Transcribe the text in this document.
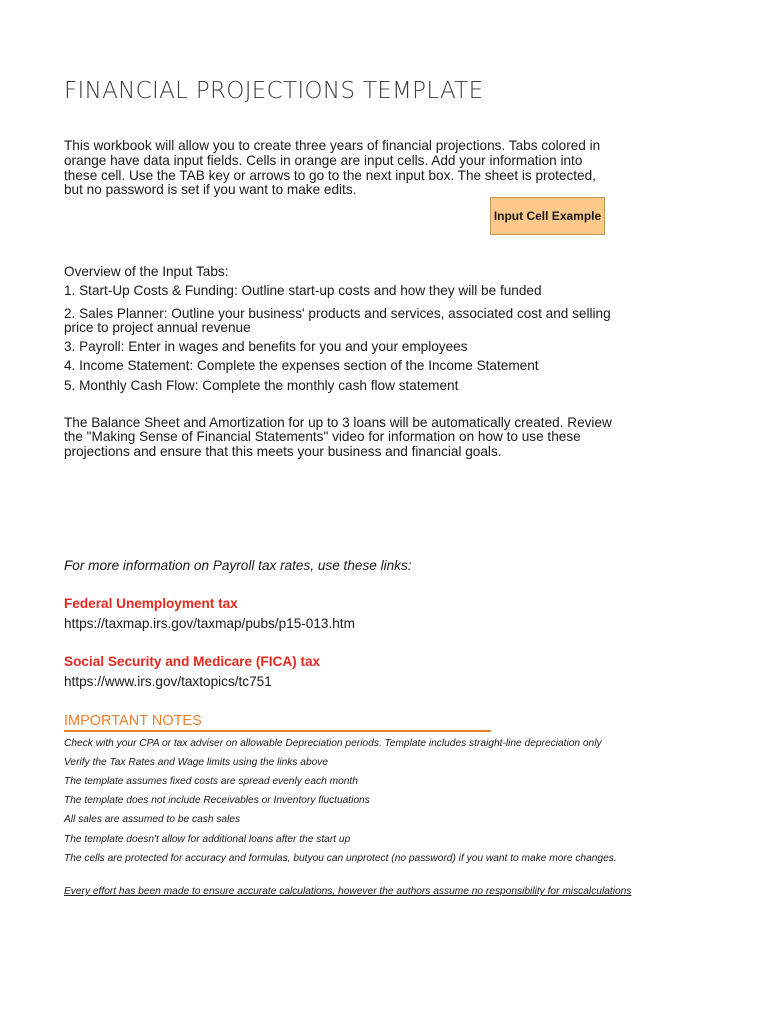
FINANCIAL PROJECTIONS TEMPLATE

This workbook will allow you to create three years of financial projections. Tabs colored in orange have data input fields. Cells in orange are input cells. Add your information into these cell. Use the TAB key or arrows to go to the next input box. The sheet is protected, but no password is set if you want to make edits.

Input Cell Example
Overview of the Input Tabs:
1. Start-Up Costs & Funding: Outline start-up costs and how they will be funded
2. Sales Planner: Outline your business' products and services, associated cost and selling price to project annual revenue
3. Payroll: Enter in wages and benefits for you and your employees
4. Income Statement: Complete the expenses section of the Income Statement
5. Monthly Cash Flow: Complete the monthly cash flow statement

The Balance Sheet and Amortization for up to 3 loans will be automatically created. Review the "Making Sense of Financial Statements" video for information on how to use these projections and ensure that this meets your business and financial goals.

For more information on Payroll tax rates, use these links:
Federal Unemployment tax
https://taxmap.irs.gov/taxmap/pubs/p15-013.htm
Social Security and Medicare (FICA) tax
https://www.irs.gov/taxtopics/tc751
IMPORTANT NOTES
Check with your CPA or tax adviser on allowable Depreciation periods. Template includes straight-line depreciation only
Verify the Tax Rates and Wage limits using the links above
The template assumes fixed costs are spread evenly each month
The template does not include Receivables or Inventory fluctuations
All sales are assumed to be cash sales
The template doesn't allow for additional loans after the start up
The cells are protected for accuracy and formulas, butyou can unprotect (no password) if you want to make more changes.
Every effort has been made to ensure accurate calculations, however the authors assume no responsibility for miscalculations
